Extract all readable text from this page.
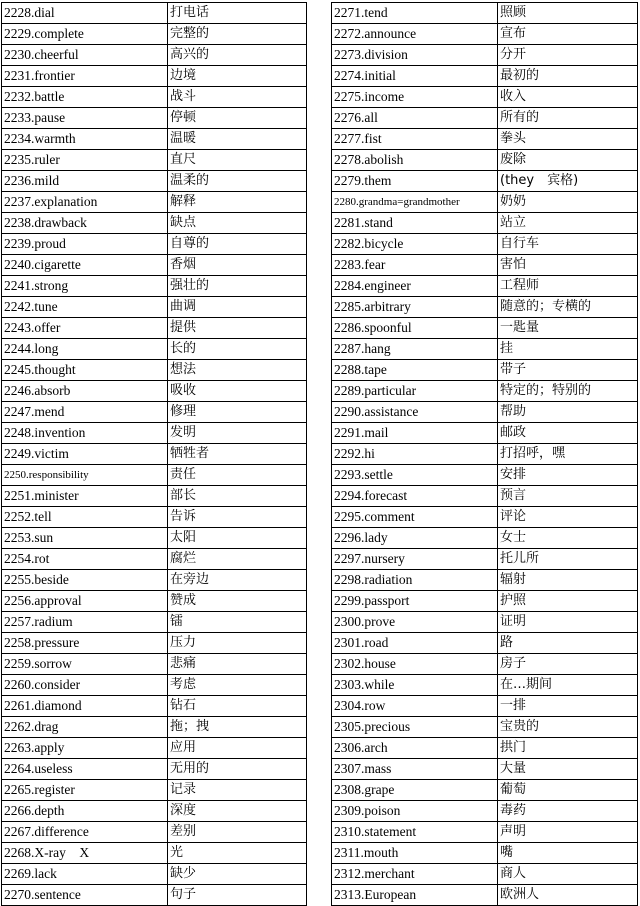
2228.dial	打电话
2229.complete	完整的
2230.cheerful	高兴的
2231.frontier	边境
2232.battle	战斗
2233.pause	停顿
2234.warmth	温暖
2235.ruler	直尺
2236.mild	温柔的
2237.explanation	解释
2238.drawback	缺点
2239.proud	自尊的
2240.cigarette	香烟
2241.strong	强壮的
2242.tune	曲调
2243.offer	提供
2244.long	长的
2245.thought	想法
2246.absorb	吸收
2247.mend	修理
2248.invention	发明
2249.victim	牺牲者
2250.responsibility	责任
2251.minister	部长
2252.tell	告诉
2253.sun	太阳
2254.rot	腐烂
2255.beside	在旁边
2256.approval	赞成
2257.radium	镭
2258.pressure	压力
2259.sorrow	悲痛
2260.consider	考虑
2261.diamond	钻石
2262.drag	拖；拽
2263.apply	应用
2264.useless	无用的
2265.register	记录
2266.depth	深度
2267.difference	差别
2268.X-ray　X	光
2269.lack	缺少
2270.sentence	句子
2271.tend	照顾
2272.announce	宣布
2273.division	分开
2274.initial	最初的
2275.income	收入
2276.all	所有的
2277.fist	拳头
2278.abolish	废除
2279.them	(they　宾格)
2280.grandma=grandmother	奶奶
2281.stand	站立
2282.bicycle	自行车
2283.fear	害怕
2284.engineer	工程师
2285.arbitrary	随意的；专横的
2286.spoonful	一匙量
2287.hang	挂
2288.tape	带子
2289.particular	特定的；特别的
2290.assistance	帮助
2291.mail	邮政
2292.hi	打招呼，嘿
2293.settle	安排
2294.forecast	预言
2295.comment	评论
2296.lady	女士
2297.nursery	托儿所
2298.radiation	辐射
2299.passport	护照
2300.prove	证明
2301.road	路
2302.house	房子
2303.while	在…期间
2304.row	一排
2305.precious	宝贵的
2306.arch	拱门
2307.mass	大量
2308.grape	葡萄
2309.poison	毒药
2310.statement	声明
2311.mouth	嘴
2312.merchant	商人
2313.European	欧洲人
